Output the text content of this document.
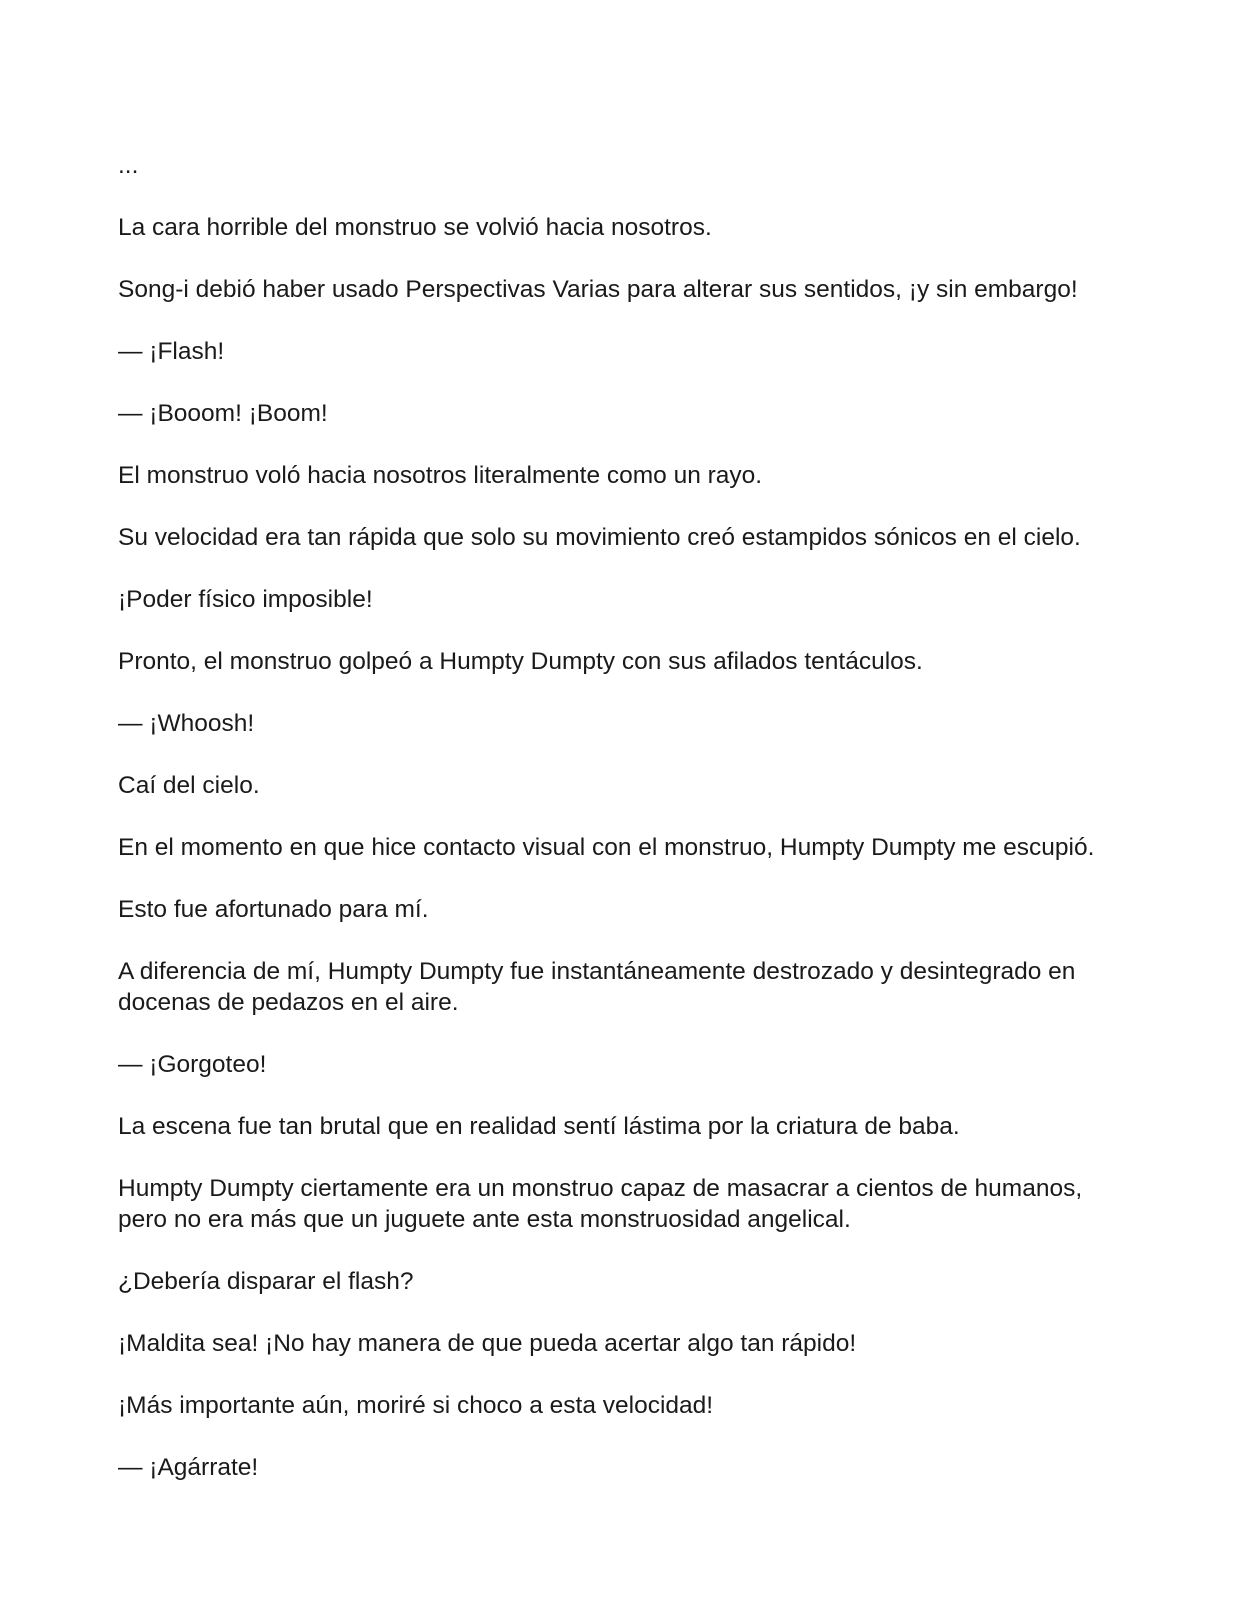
...

La cara horrible del monstruo se volvió hacia nosotros.

Song-i debió haber usado Perspectivas Varias para alterar sus sentidos, ¡y sin embargo!

— ¡Flash!

— ¡Booom! ¡Boom!

El monstruo voló hacia nosotros literalmente como un rayo.

Su velocidad era tan rápida que solo su movimiento creó estampidos sónicos en el cielo.

¡Poder físico imposible!

Pronto, el monstruo golpeó a Humpty Dumpty con sus afilados tentáculos.

— ¡Whoosh!

Caí del cielo.

En el momento en que hice contacto visual con el monstruo, Humpty Dumpty me escupió.

Esto fue afortunado para mí.

A diferencia de mí, Humpty Dumpty fue instantáneamente destrozado y desintegrado en docenas de pedazos en el aire.

— ¡Gorgoteo!

La escena fue tan brutal que en realidad sentí lástima por la criatura de baba.

Humpty Dumpty ciertamente era un monstruo capaz de masacrar a cientos de humanos, pero no era más que un juguete ante esta monstruosidad angelical.

¿Debería disparar el flash?

¡Maldita sea! ¡No hay manera de que pueda acertar algo tan rápido!

¡Más importante aún, moriré si choco a esta velocidad!

— ¡Agárrate!
